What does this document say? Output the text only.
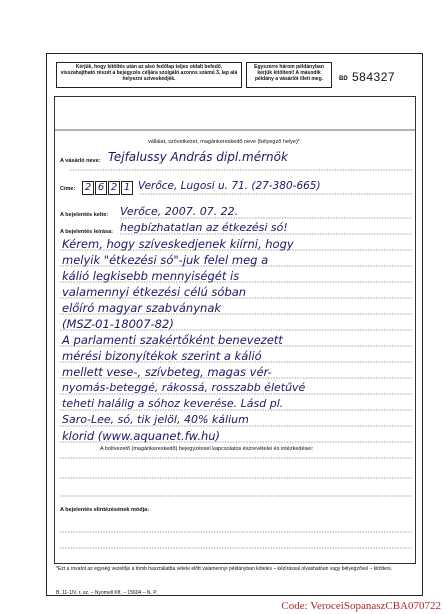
Kérjük, hogy kitöltés után az alsó fedőlap teljes oldalt befedő, visszahajtható részét a bejegyzés céljára szolgáló azonos számú 3. lap alá helyezni szíveskedjék.
Egyszerre három példányban kérjük kitölteni! A második példány a vásárlót illeti meg.	BD 584327
vállalat, szövetkezet, magánkereskedő neve (bélyegző helye)*
A vásárló neve: Tejfalussy András dipl.mérnök
Címe: 2 6 2 1 Verőce, Lugosi u. 71. (27-380-665)
A bejelentés kelte: Verőce, 2007. 07. 22.
A bejelentés leírása: hegbízhatatlan az étkezési só!
Kérem, hogy szíveskedjenek kiírni, hogy
melyik "étkezési só"-juk felel meg a
kálió legkisebb mennyiségét is
valamennyi étkezési célú sóban
előíró magyar szabványnak
(MSZ-01-18007-82)
A parlamenti szakértőként benevezett
mérési bizonyítékok szerint a kálió
mellett vese-, szívbeteg, magas vér-
nyomás-beteggé, rákossá, rosszabb életűvé
teheti halálig a sóhoz keverése. Lásd pl.
Saro-Lee, só, tik jelöl, 40% kálium
klorid (www.aquanet.fw.hu)
A boltvezető (magánkereskedő) bejegyzéssel kapcsolatos észrevételei és intézkedései:
A bejelentés elintézésének módja:
*Ezt a rovatot az egység vezetője a tömb használatba vétele előtt valamennyi példányban köteles – kézírással olvashatóan vagy bélyegzővel – kitölteni.
B. 11-1/V. r. sz. – Nyomell Kft. – 15604 – N. P.
Code: VeroceiSopanaszCBA070722
